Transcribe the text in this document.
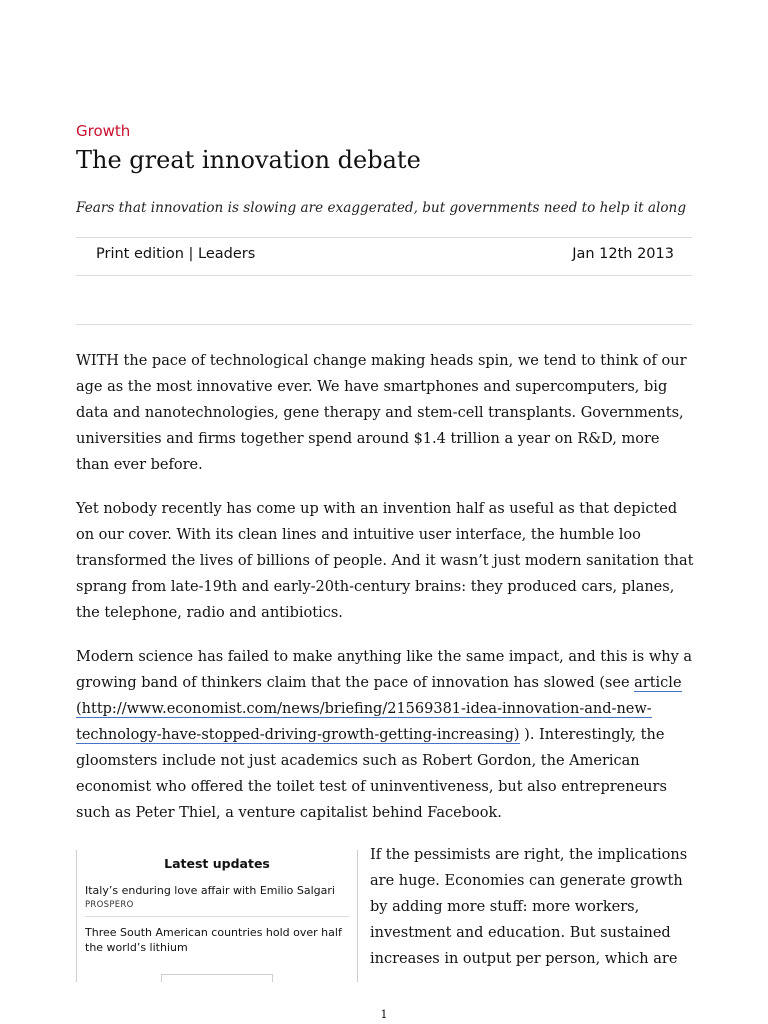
Growth
The great innovation debate

Fears that innovation is slowing are exaggerated, but governments need to help it along

Print edition | Leaders	Jan 12th 2013

WITH the pace of technological change making heads spin, we tend to think of our age as the most innovative ever. We have smartphones and supercomputers, big data and nanotechnologies, gene therapy and stem-cell transplants. Governments, universities and firms together spend around $1.4 trillion a year on R&D, more than ever before.

Yet nobody recently has come up with an invention half as useful as that depicted on our cover. With its clean lines and intuitive user interface, the humble loo transformed the lives of billions of people. And it wasn’t just modern sanitation that sprang from late-19th and early-20th-century brains: they produced cars, planes, the telephone, radio and antibiotics.

Modern science has failed to make anything like the same impact, and this is why a growing band of thinkers claim that the pace of innovation has slowed (see article (http://www.economist.com/news/briefing/21569381-idea-innovation-and-new-technology-have-stopped-driving-growth-getting-increasing) ). Interestingly, the gloomsters include not just academics such as Robert Gordon, the American economist who offered the toilet test of uninventiveness, but also entrepreneurs such as Peter Thiel, a venture capitalist behind Facebook.

Latest updates
Italy’s enduring love affair with Emilio Salgari
PROSPERO
Three South American countries hold over half the world’s lithium

If the pessimists are right, the implications are huge. Economies can generate growth by adding more stuff: more workers, investment and education. But sustained increases in output per person, which are

1
